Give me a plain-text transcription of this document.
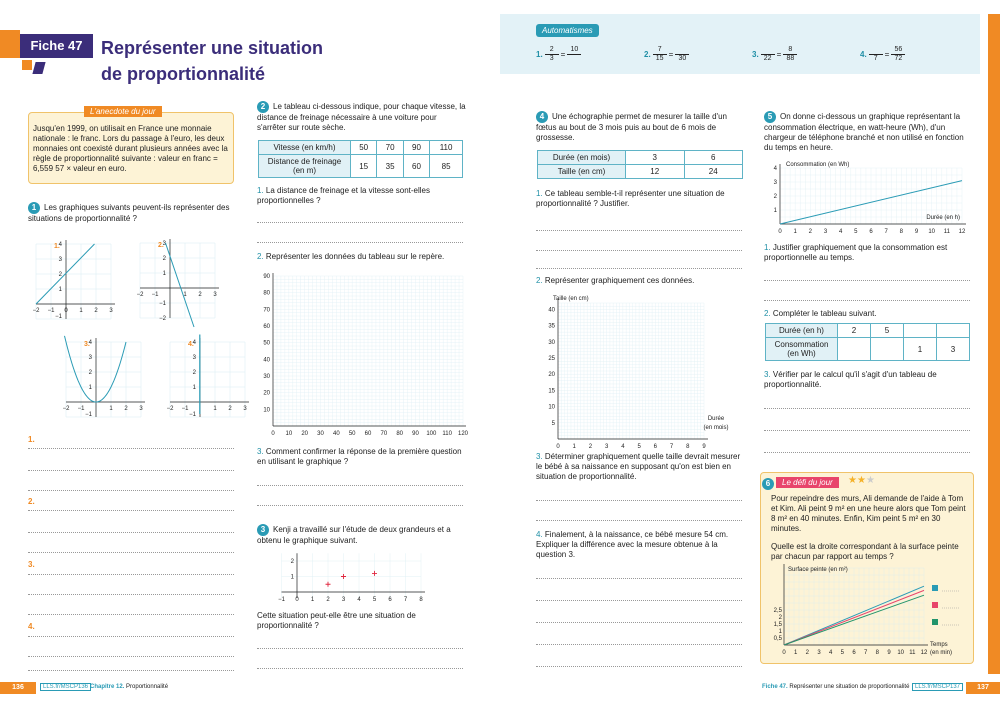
Fiche 47	Représenter une situation
de proportionnalité
Automatismes
1. $\frac{2}{3}$ =
10

2. $\frac{7}{15}$ =
30	3.
$22 = \frac{8}{88}$	4.
$7 = \frac{56}{72}$
L'anecdote du jour
Jusqu'en 1999, on utilisait en France une monnaie nationale : le franc. Lors du passage à l'euro, les deux monnaies ont coexisté durant plusieurs années avec la règle de proportionnalité suivante : valeur en franc = 6,559 57 × valeur en euro.
1 Les graphiques suivants peuvent-ils représenter des situations de proportionnalité ?
1.
−2 −1	1 2 3
1
2
3
4
−1
0
2.
−2 −1	1 2 3
1
2
3
−1
−2
3.
−2 −1	1 2 3
1
2
3
4
−1
4.
−2 −1	1 2 3
1
2
3
4
−1
1.
2.
3.
4.
2 Le tableau ci-dessous indique, pour chaque vitesse, la distance de freinage nécessaire à une voiture pour s'arrêter sur route sèche.
Vitesse (en km/h)	50	70	90	110
Distance de freinage (en m)	15	35	60	85
1. La distance de freinage et la vitesse sont-elles proportionnelles ?
2. Représenter les données du tableau sur le repère.
0 10 20 30 40 50 60 70 80 90 100 110 120
10
20
30
40
50
60
70
80
90
3. Comment confirmer la réponse de la première question en utilisant le graphique ?
3 Kenji a travaillé sur l'étude de deux grandeurs et a obtenu le graphique suivant.
−1 0 1 2 3 4 5 6 7 8
1
2
Cette situation peut-elle être une situation de proportionnalité ?
4 Une échographie permet de mesurer la taille d'un fœtus au bout de 3 mois puis au bout de 6 mois de grossesse.
Durée (en mois)	3	6
Taille (en cm)	12	24
1. Ce tableau semble-t-il représenter une situation de proportionnalité ? Justifier.
2. Représenter graphiquement ces données.
0 1 2 3 4 5 6 7 8 9
5
10
15
20
25
30
35
40
Taille (en cm)
Durée
(en mois)
3. Déterminer graphiquement quelle taille devrait mesurer le bébé à sa naissance en supposant qu'on est bien en situation de proportionnalité.
4. Finalement, à la naissance, ce bébé mesure 54 cm. Expliquer la différence avec la mesure obtenue à la question 3.
5 On donne ci-dessous un graphique représentant la consommation électrique, en watt-heure (Wh), d'un chargeur de téléphone branché et non utilisé en fonction du temps en heure.
0 1 2 3 4 5 6 7 8 9 10 11 12
1
2
3
4
Consommation (en Wh)
Durée (en h)
1. Justifier graphiquement que la consommation est proportionnelle au temps.
2. Compléter le tableau suivant.
Durée (en h)	2	5		
Consommation (en Wh)			1	3
3. Vérifier par le calcul qu'il s'agit d'un tableau de proportionnalité.
6	Le défi du jour	★★★
Pour repeindre des murs, Ali demande de l'aide à Tom et Kim. Ali peint 9 m² en une heure alors que Tom peint 8 m² en 40 minutes. Enfin, Kim peint 5 m² en 30 minutes.
Quelle est la droite correspondant à la surface peinte par chacun par rapport au temps ?
0 1 2 3 4 5 6 7 8 9 10 11 12
0,5
1
1,5
2
2,5
Surface peinte (en m²)
Temps
(en min)
136	LLS.fr/MSCP136 Chapitre 12. Proportionnalité	Fiche 47. Représenter une situation de proportionnalité LLS.fr/MSCP137	137
